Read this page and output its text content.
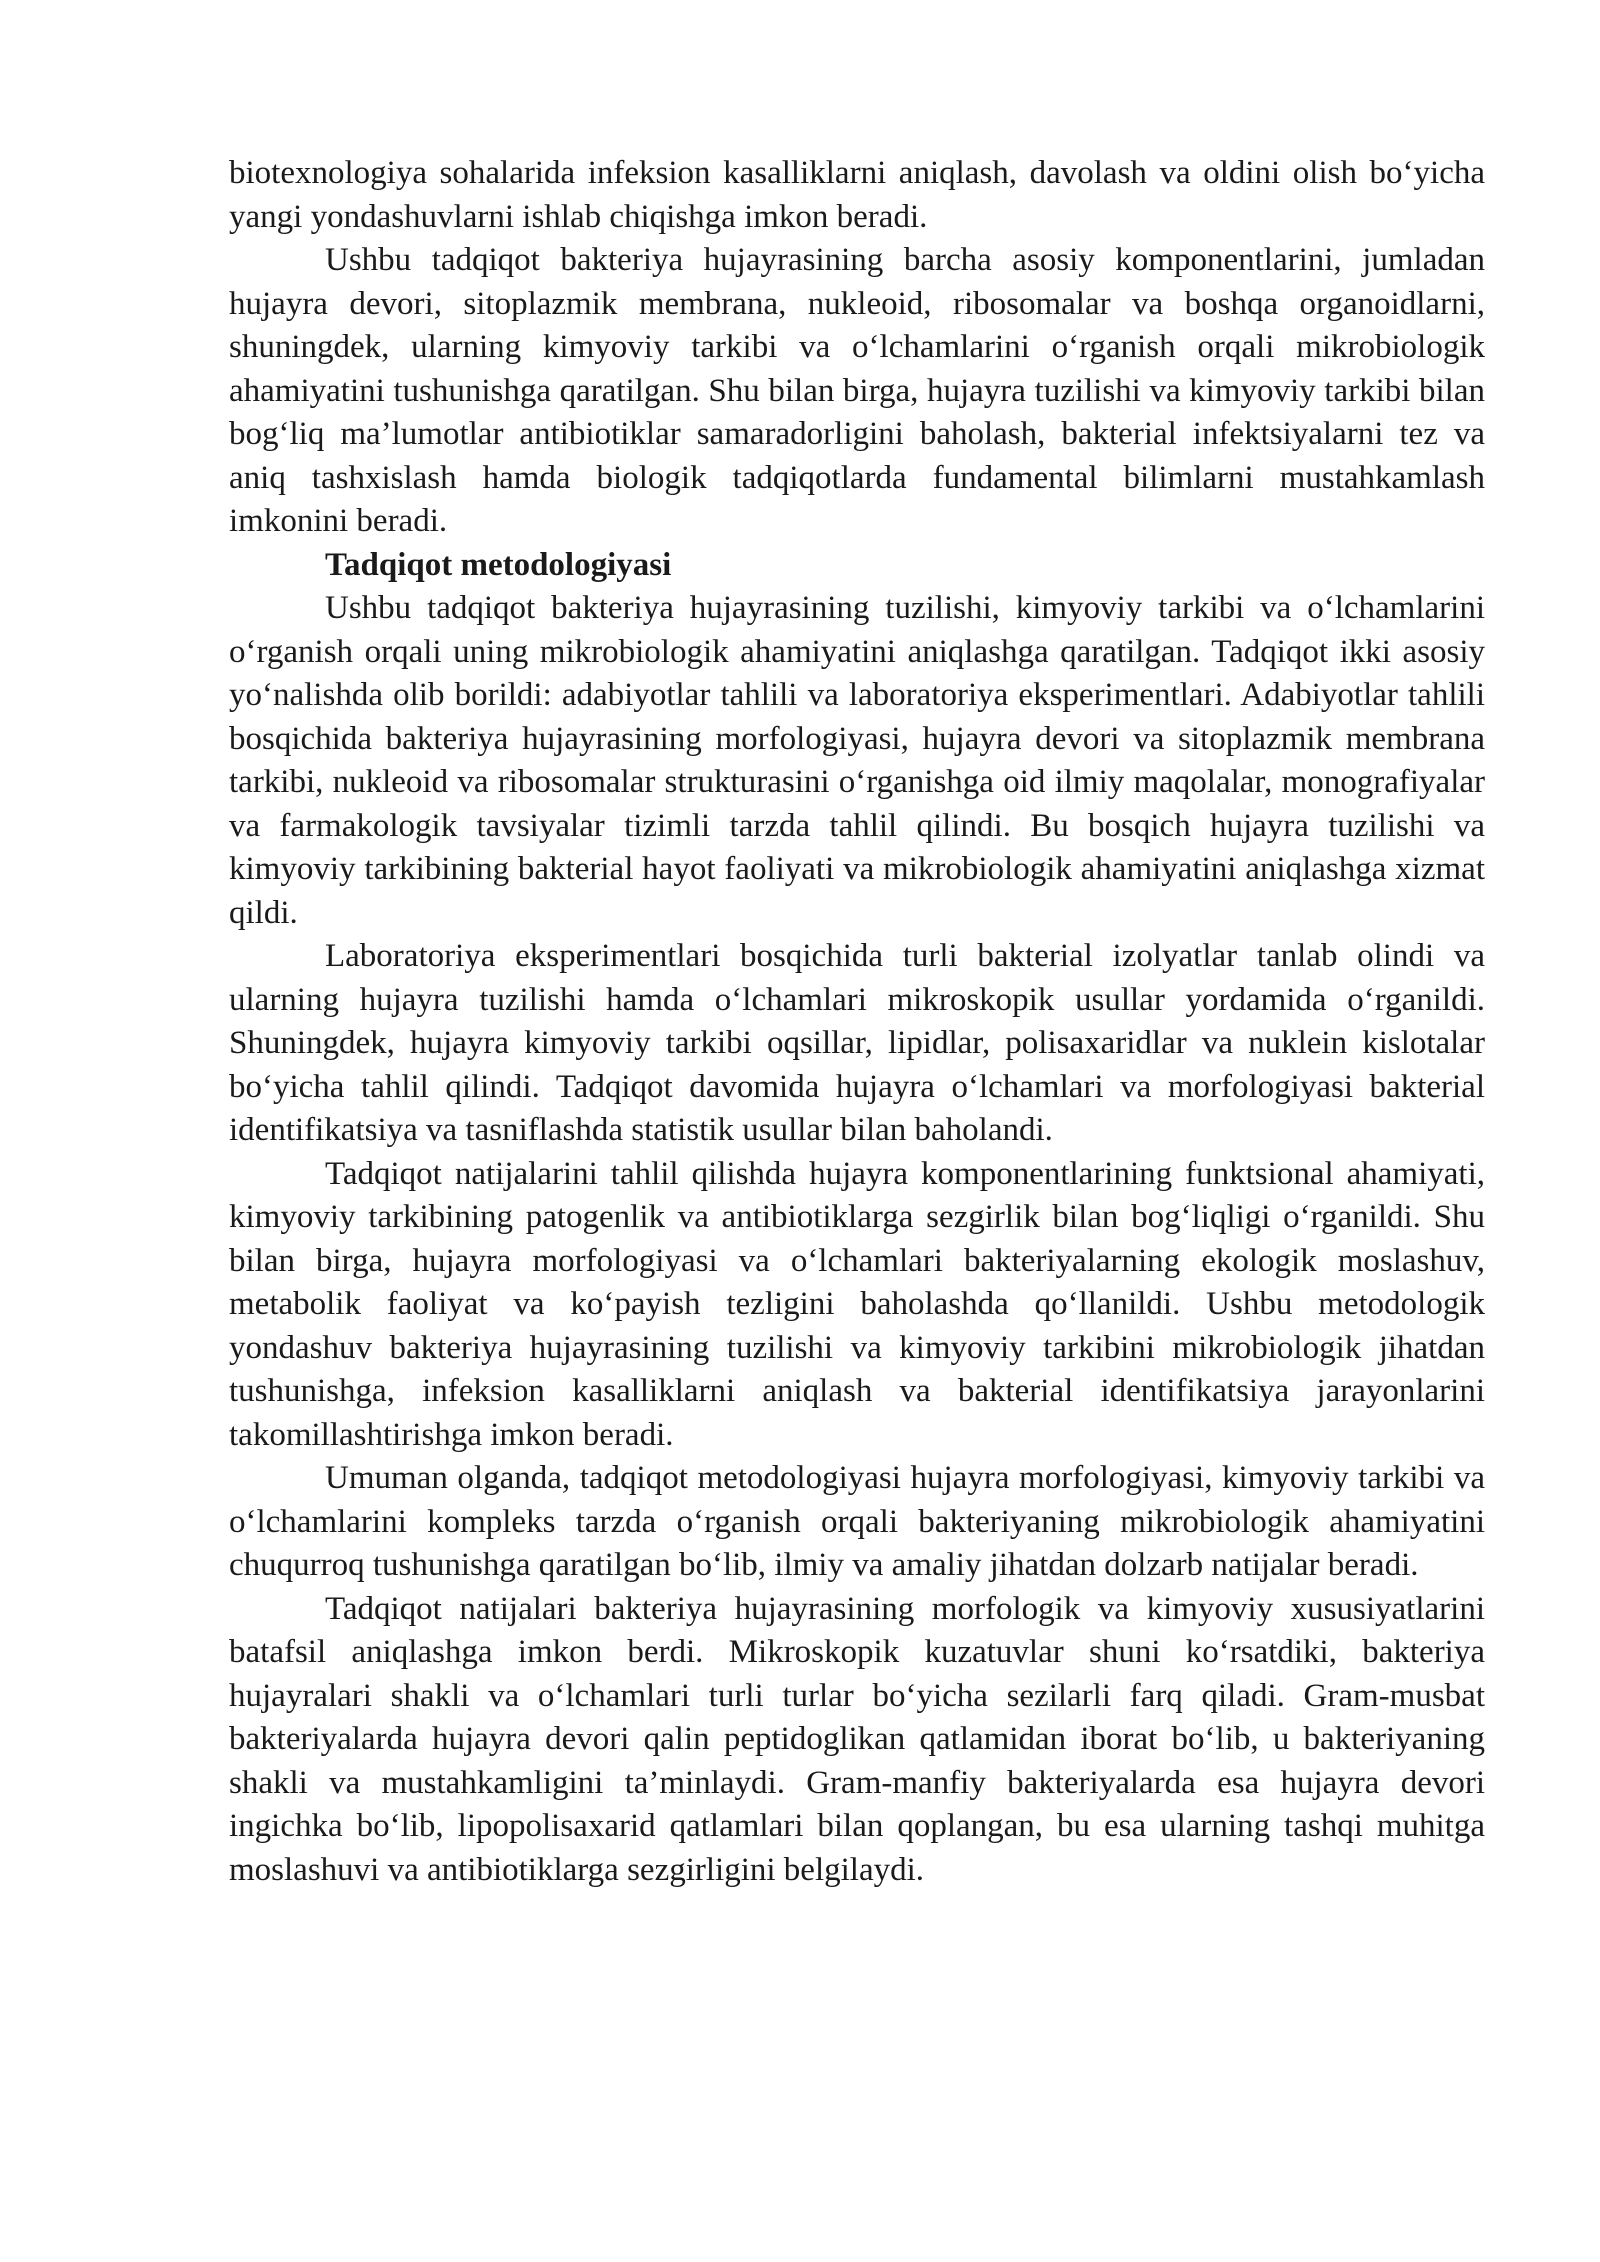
biotexnologiya sohalarida infeksion kasalliklarni aniqlash, davolash va oldini olish bo‘yicha yangi yondashuvlarni ishlab chiqishga imkon beradi.

Ushbu tadqiqot bakteriya hujayrasining barcha asosiy komponentlarini, jumladan hujayra devori, sitoplazmik membrana, nukleoid, ribosomalar va boshqa organoidlarni, shuningdek, ularning kimyoviy tarkibi va o‘lchamlarini o‘rganish orqali mikrobiologik ahamiyatini tushunishga qaratilgan. Shu bilan birga, hujayra tuzilishi va kimyoviy tarkibi bilan bog‘liq ma’lumotlar antibiotiklar samaradorligini baholash, bakterial infektsiyalarni tez va aniq tashxislash hamda biologik tadqiqotlarda fundamental bilimlarni mustahkamlash imkonini beradi.

Tadqiqot metodologiyasi

Ushbu tadqiqot bakteriya hujayrasining tuzilishi, kimyoviy tarkibi va o‘lchamlarini o‘rganish orqali uning mikrobiologik ahamiyatini aniqlashga qaratilgan. Tadqiqot ikki asosiy yo‘nalishda olib borildi: adabiyotlar tahlili va laboratoriya eksperimentlari. Adabiyotlar tahlili bosqichida bakteriya hujayrasining morfologiyasi, hujayra devori va sitoplazmik membrana tarkibi, nukleoid va ribosomalar strukturasini o‘rganishga oid ilmiy maqolalar, monografiyalar va farmakologik tavsiyalar tizimli tarzda tahlil qilindi. Bu bosqich hujayra tuzilishi va kimyoviy tarkibining bakterial hayot faoliyati va mikrobiologik ahamiyatini aniqlashga xizmat qildi.

Laboratoriya eksperimentlari bosqichida turli bakterial izolyatlar tanlab olindi va ularning hujayra tuzilishi hamda o‘lchamlari mikroskopik usullar yordamida o‘rganildi. Shuningdek, hujayra kimyoviy tarkibi oqsillar, lipidlar, polisaxaridlar va nuklein kislotalar bo‘yicha tahlil qilindi. Tadqiqot davomida hujayra o‘lchamlari va morfologiyasi bakterial identifikatsiya va tasniflashda statistik usullar bilan baholandi.

Tadqiqot natijalarini tahlil qilishda hujayra komponentlarining funktsional ahamiyati, kimyoviy tarkibining patogenlik va antibiotiklarga sezgirlik bilan bog‘liqligi o‘rganildi. Shu bilan birga, hujayra morfologiyasi va o‘lchamlari bakteriyalarning ekologik moslashuv, metabolik faoliyat va ko‘payish tezligini baholashda qo‘llanildi. Ushbu metodologik yondashuv bakteriya hujayrasining tuzilishi va kimyoviy tarkibini mikrobiologik jihatdan tushunishga, infeksion kasalliklarni aniqlash va bakterial identifikatsiya jarayonlarini takomillashtirishga imkon beradi.

Umuman olganda, tadqiqot metodologiyasi hujayra morfologiyasi, kimyoviy tarkibi va o‘lchamlarini kompleks tarzda o‘rganish orqali bakteriyaning mikrobiologik ahamiyatini chuqurroq tushunishga qaratilgan bo‘lib, ilmiy va amaliy jihatdan dolzarb natijalar beradi.

Tadqiqot natijalari bakteriya hujayrasining morfologik va kimyoviy xususiyatlarini batafsil aniqlashga imkon berdi. Mikroskopik kuzatuvlar shuni ko‘rsatdiki, bakteriya hujayralari shakli va o‘lchamlari turli turlar bo‘yicha sezilarli farq qiladi. Gram-musbat bakteriyalarda hujayra devori qalin peptidoglikan qatlamidan iborat bo‘lib, u bakteriyaning shakli va mustahkamligini ta’minlaydi. Gram-manfiy bakteriyalarda esa hujayra devori ingichka bo‘lib, lipopolisaxarid qatlamlari bilan qoplangan, bu esa ularning tashqi muhitga moslashuvi va antibiotiklarga sezgirligini belgilaydi.
